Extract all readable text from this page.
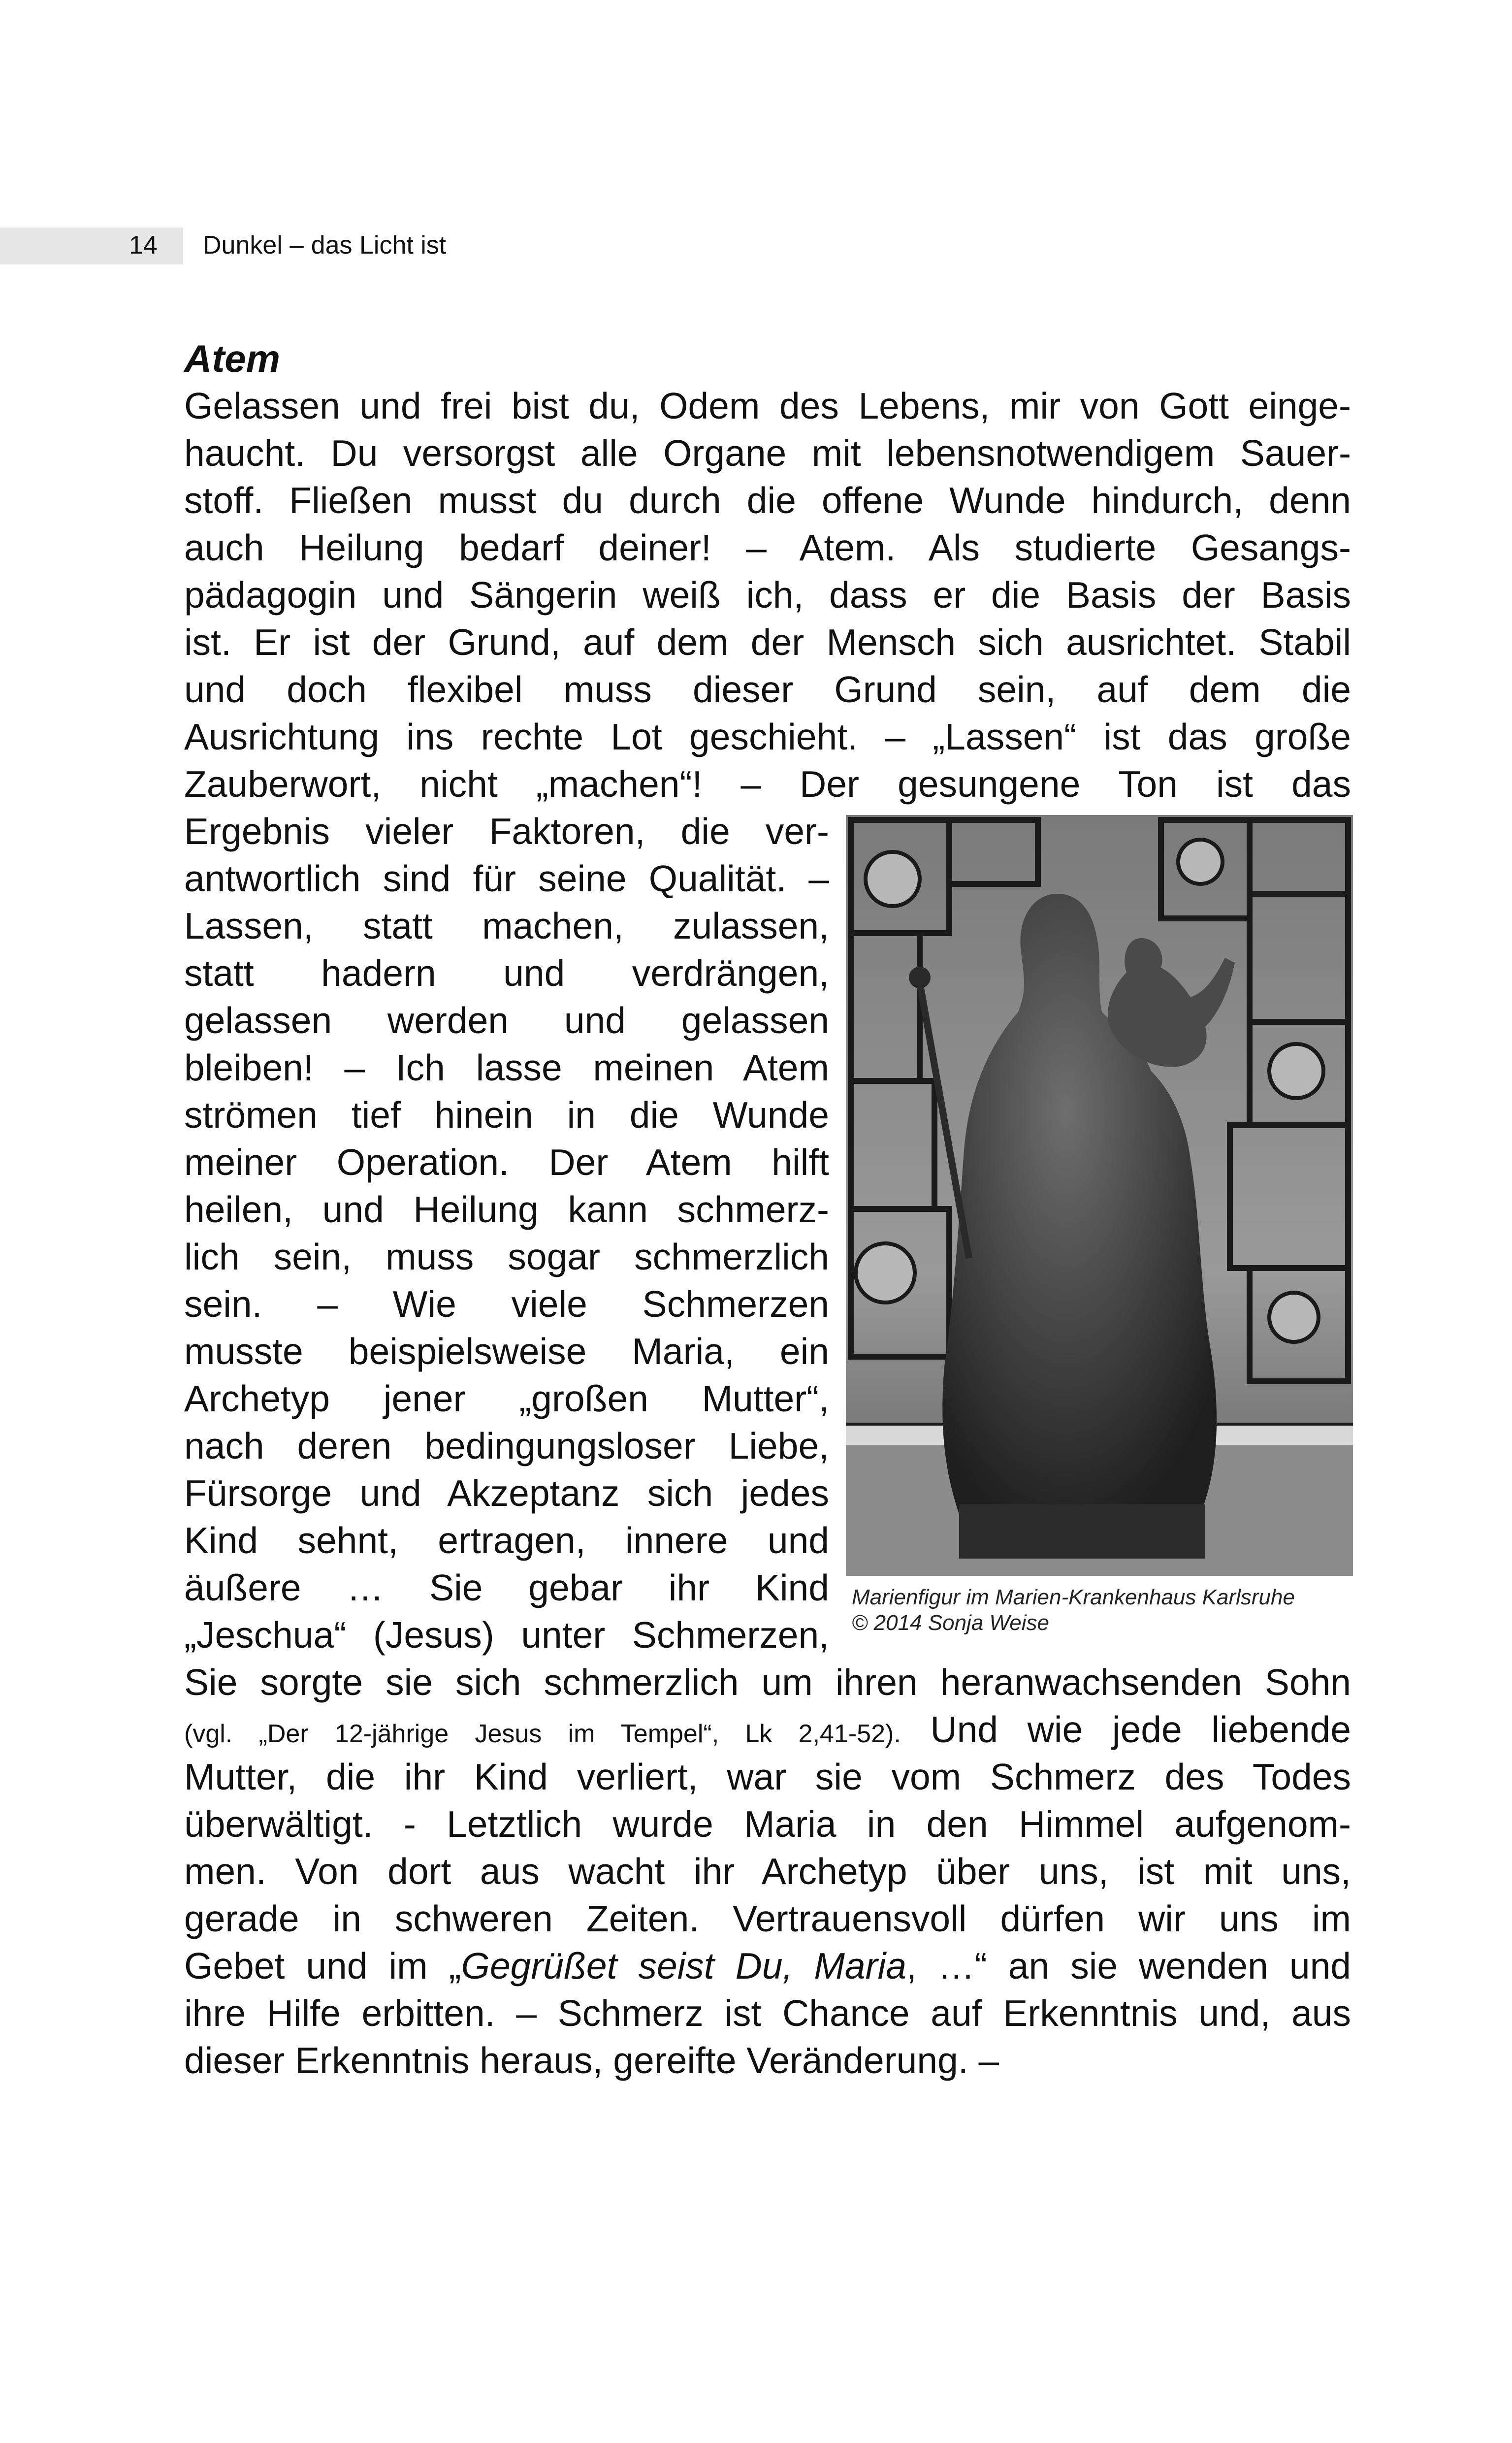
14 Dunkel – das Licht ist
Atem
Gelassen und frei bist du, Odem des Lebens, mir von Gott einge-
haucht. Du versorgst alle Organe mit lebensnotwendigem Sauer-
stoff. Fließen musst du durch die offene Wunde hindurch, denn
auch Heilung bedarf deiner! – Atem. Als studierte Gesangs-
pädagogin und Sängerin weiß ich, dass er die Basis der Basis
ist. Er ist der Grund, auf dem der Mensch sich ausrichtet. Stabil
und doch flexibel muss dieser Grund sein, auf dem die
Ausrichtung ins rechte Lot geschieht. – „Lassen“ ist das große
Zauberwort, nicht „machen“! – Der gesungene Ton ist das
Ergebnis vieler Faktoren, die ver-
antwortlich sind für seine Qualität. –
Lassen, statt machen, zulassen,
statt hadern und verdrängen,
gelassen werden und gelassen
bleiben! – Ich lasse meinen Atem
strömen tief hinein in die Wunde
meiner Operation. Der Atem hilft
heilen, und Heilung kann schmerz-
lich sein, muss sogar schmerzlich
sein. – Wie viele Schmerzen
musste beispielsweise Maria, ein
Archetyp jener „großen Mutter“,
nach deren bedingungsloser Liebe,
Fürsorge und Akzeptanz sich jedes
Kind sehnt, ertragen, innere und
äußere … Sie gebar ihr Kind
„Jeschua“ (Jesus) unter Schmerzen,
Marienfigur im Marien-Krankenhaus Karlsruhe
© 2014 Sonja Weise
Sie sorgte sie sich schmerzlich um ihren heranwachsenden Sohn
(vgl. „Der 12-jährige Jesus im Tempel“, Lk 2,41-52). Und wie jede liebende
Mutter, die ihr Kind verliert, war sie vom Schmerz des Todes
überwältigt. - Letztlich wurde Maria in den Himmel aufgenom-
men. Von dort aus wacht ihr Archetyp über uns, ist mit uns,
gerade in schweren Zeiten. Vertrauensvoll dürfen wir uns im
Gebet und im „Gegrüßet seist Du, Maria, …“ an sie wenden und
ihre Hilfe erbitten. – Schmerz ist Chance auf Erkenntnis und, aus
dieser Erkenntnis heraus, gereifte Veränderung. –
